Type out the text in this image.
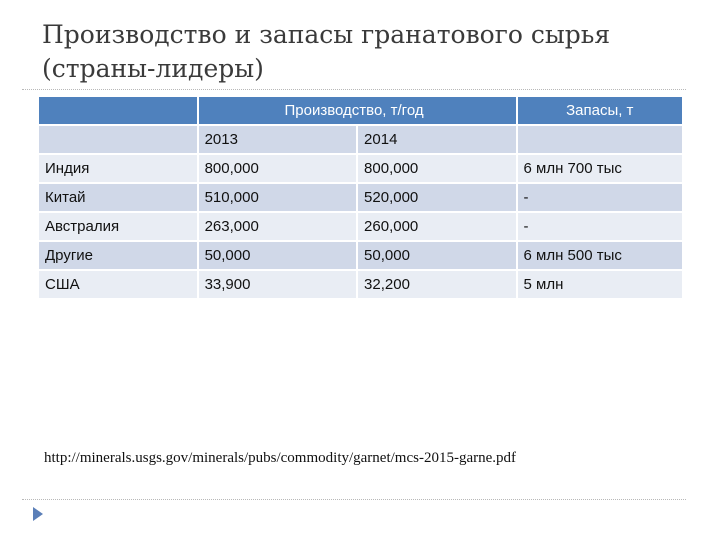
Производство и запасы гранатового сырья (страны-лидеры)
	Производство, т/год		Запасы, т
	2013	2014	
Индия	800,000	800,000	6 млн 700 тыс
Китай	510,000	520,000	-
Австралия	263,000	260,000	-
Другие	50,000	50,000	6 млн 500 тыс
США	33,900	32,200	5 млн
http://minerals.usgs.gov/minerals/pubs/commodity/garnet/mcs-2015-garne.pdf
